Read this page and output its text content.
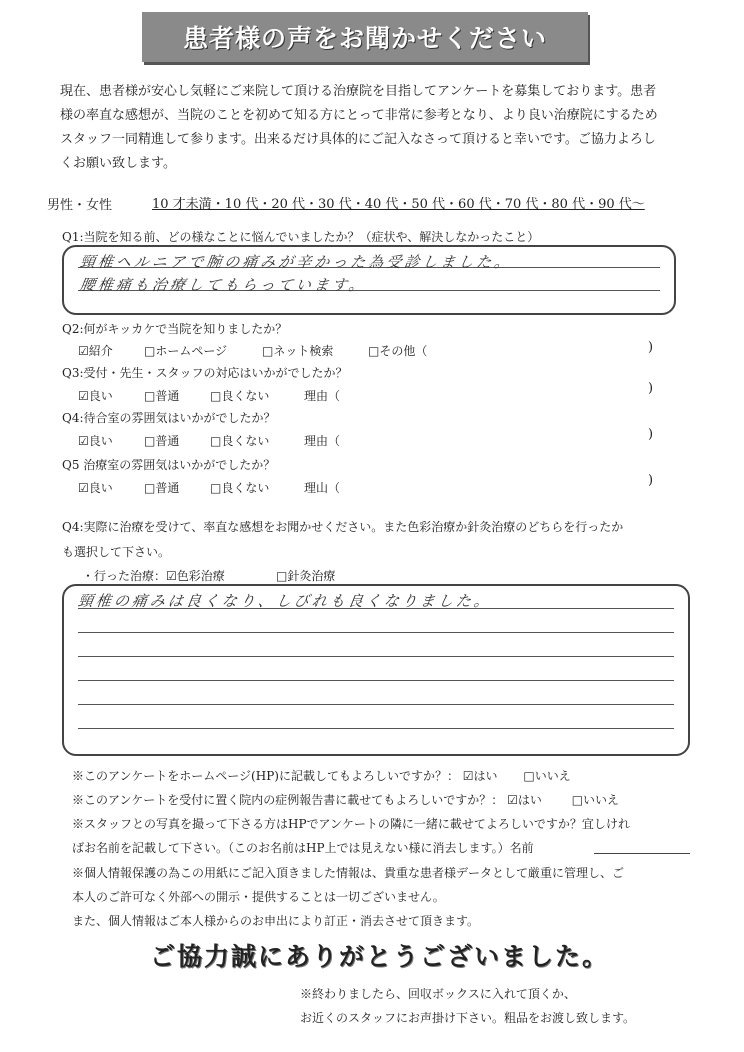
患者様の声をお聞かせください
現在、患者様が安心し気軽にご来院して頂ける治療院を目指してアンケートを募集しております。患者
様の率直な感想が、当院のことを初めて知る方にとって非常に参考となり、より良い治療院にするため
スタッフ一同精進して参ります。出来るだけ具体的にご記入なさって頂けると幸いです。ご協力よろし
くお願い致します。
男性・女性	10 才未満・10 代・20 代・30 代・40 代・50 代・60 代・70 代・80 代・90 代～
Q1:当院を知る前、どの様なことに悩んでいましたか？（症状や、解決しなかったこと）
頸椎ヘルニアで腕の痛みが辛かった為受診しました。
腰椎痛も治療してもらっています。
Q2:何がキッカケで当院を知りましたか？
☑紹介	□ホームページ	□ネット検索	□その他（	)
Q3:受付・先生・スタッフの対応はいかがでしたか？
☑良い	□普通	□良くない	理由（	)
Q4:待合室の雰囲気はいかがでしたか？
☑良い	□普通	□良くない	理由（	)
Q5 治療室の雰囲気はいかがでしたか？
☑良い	□普通	□良くない	理山（	)
Q4:実際に治療を受けて、率直な感想をお聞かせください。また色彩治療か針灸治療のどちらを行ったか
も選択して下さい。
・行った治療： ☑色彩治療	□針灸治療
頸椎の痛みは良くなり、しびれも良くなりました。
※このアンケートをホームページ(HP)に記載してもよろしいですか？： ☑はい □いいえ
※このアンケートを受付に置く院内の症例報告書に載せてもよろしいですか？： ☑はい □いいえ
※スタッフとの写真を撮って下さる方はHPでアンケートの隣に一緒に載せてよろしいですか？宜しけれ
ばお名前を記載して下さい。（このお名前はHP上では見えない様に消去します。）名前
※個人情報保護の為この用紙にご記入頂きました情報は、貴重な患者様データとして厳重に管理し、ご
本人のご許可なく外部への開示・提供することは一切ございません。
また、個人情報はご本人様からのお申出により訂正・消去させて頂きます。
ご協力誠にありがとうございました。
※終わりましたら、回収ボックスに入れて頂くか、
お近くのスタッフにお声掛け下さい。粗品をお渡し致します。
